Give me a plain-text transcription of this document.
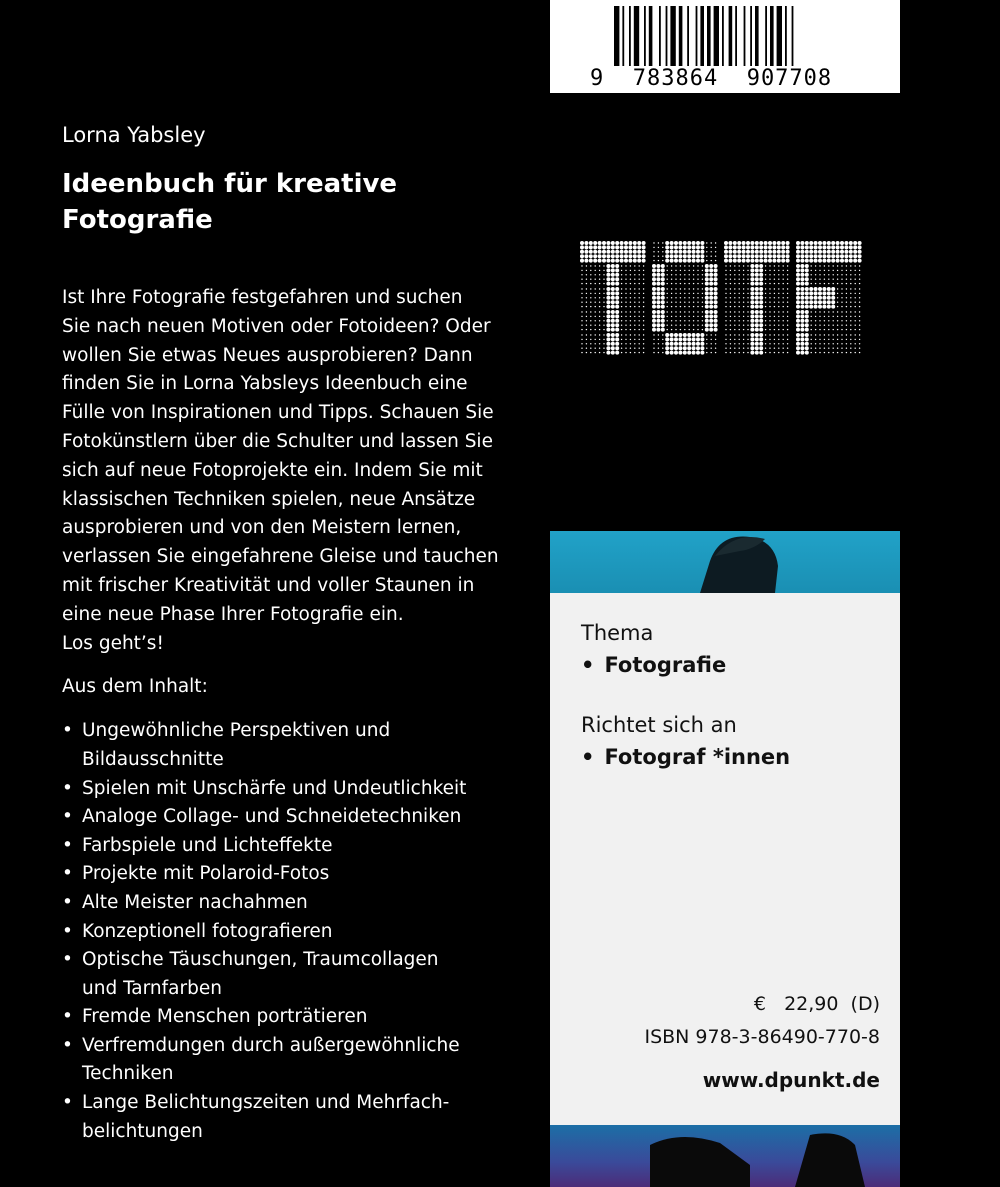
Lorna Yabsley

Ideenbuch für kreative Fotografie

Ist Ihre Fotografie festgefahren und suchen

Sie nach neuen Motiven oder Fotoideen? Oder

wollen Sie etwas Neues ausprobieren? Dann

finden Sie in Lorna Yabsleys Ideenbuch eine

Fülle von Inspirationen und Tipps. Schauen Sie

Fotokünstlern über die Schulter und lassen Sie

sich auf neue Fotoprojekte ein. Indem Sie mit

klassischen Techniken spielen, neue Ansätze

ausprobieren und von den Meistern lernen,

verlassen Sie eingefahrene Gleise und tauchen

mit frischer Kreativität und voller Staunen in

eine neue Phase Ihrer Fotografie ein.

Los geht’s!

Aus dem Inhalt:

• Ungewöhnliche Perspektiven und
Bildausschnitte
• Spielen mit Unschärfe und Undeutlichkeit
• Analoge Collage- und Schneidetechniken
• Farbspiele und Lichteffekte
• Projekte mit Polaroid-Fotos
• Alte Meister nachahmen
• Konzeptionell fotografieren
• Optische Täuschungen, Traumcollagen
und Tarnfarben
• Fremde Menschen porträtieren
• Verfremdungen durch außergewöhnliche
Techniken
• Lange Belichtungszeiten und Mehrfach-
belichtungen
9  783864  907708
Thema
• Fotografie
Richtet sich an
• Fotograf *innen
€   22,90  (D)
ISBN 978-3-86490-770-8
www.dpunkt.de
